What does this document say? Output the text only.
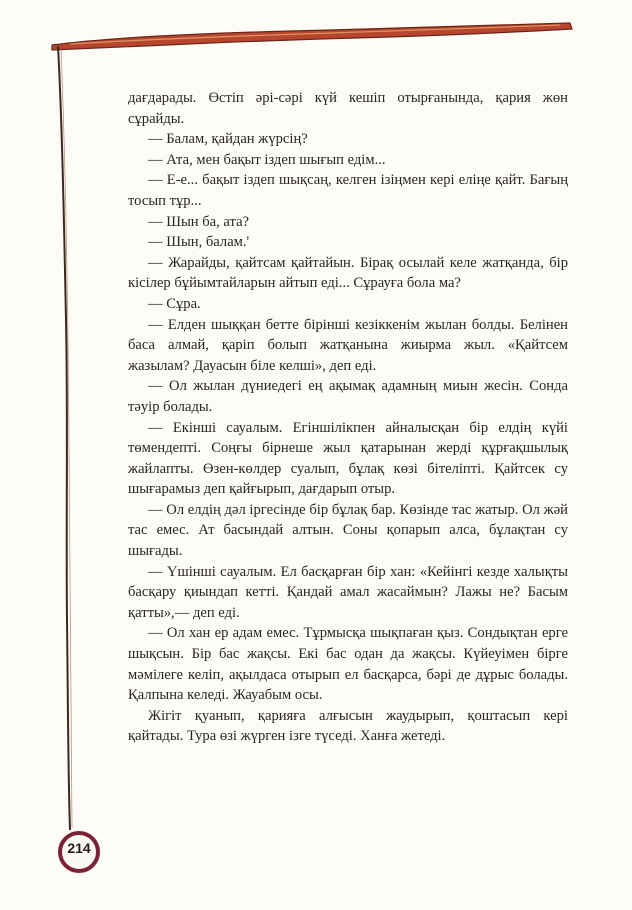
дағдарады. Өстіп әрі-сәрі күй кешіп отырғанында, қария жөн сұрайды.

— Балам, қайдан жүрсің?

— Ата, мен бақыт іздеп шығып едім...

— Е-е... бақыт іздеп шықсаң, келген ізіңмен кері еліңе қайт. Бағың тосып тұр...

— Шын ба, ата?

— Шын, балам.'

— Жарайды, қайтсам қайтайын. Бірақ осылай келе жатқанда, бір кісілер бұйымтайларын айтып еді... Сұрауға бола ма?

— Сұра.

— Елден шыққан бетте бірінші кезіккенім жылан болды. Белінен баса алмай, қаріп болып жатқанына жиырма жыл. «Қайтсем жазылам? Дауасын біле келші», деп еді.

— Ол жылан дүниедегі ең ақымақ адамның миын жесін. Сонда тәуір болады.

— Екінші сауалым. Егіншілікпен айналысқан бір елдің күйі төмендепті. Соңғы бірнеше жыл қатарынан жерді құрғақшылық жайлапты. Өзен-көлдер суалып, бұлақ көзі бітеліпті. Қайтсек су шығарамыз деп қайғырып, дағдарып отыр.

— Ол елдің дәл іргесінде бір бұлақ бар. Көзінде тас жатыр. Ол жәй тас емес. Ат басындай алтын. Соны қопарып алса, бұлақтан су шығады.

— Үшінші сауалым. Ел басқарған бір хан: «Кейінгі кезде халықты басқару қиындап кетті. Қандай амал жасаймын? Лажы не? Басым қатты»,— деп еді.

— Ол хан ер адам емес. Тұрмысқа шықпаған қыз. Сондықтан ерге шықсын. Бір бас жақсы. Екі бас одан да жақсы. Күйеуімен бірге мәмілеге келіп, ақылдаса отырып ел басқарса, бәрі де дұрыс болады. Қалпына келеді. Жауабым осы.

Жігіт қуанып, қарияға алғысын жаудырып, қоштасып кері қайтады. Тура өзі жүрген ізге түседі. Ханға жетеді.

214
